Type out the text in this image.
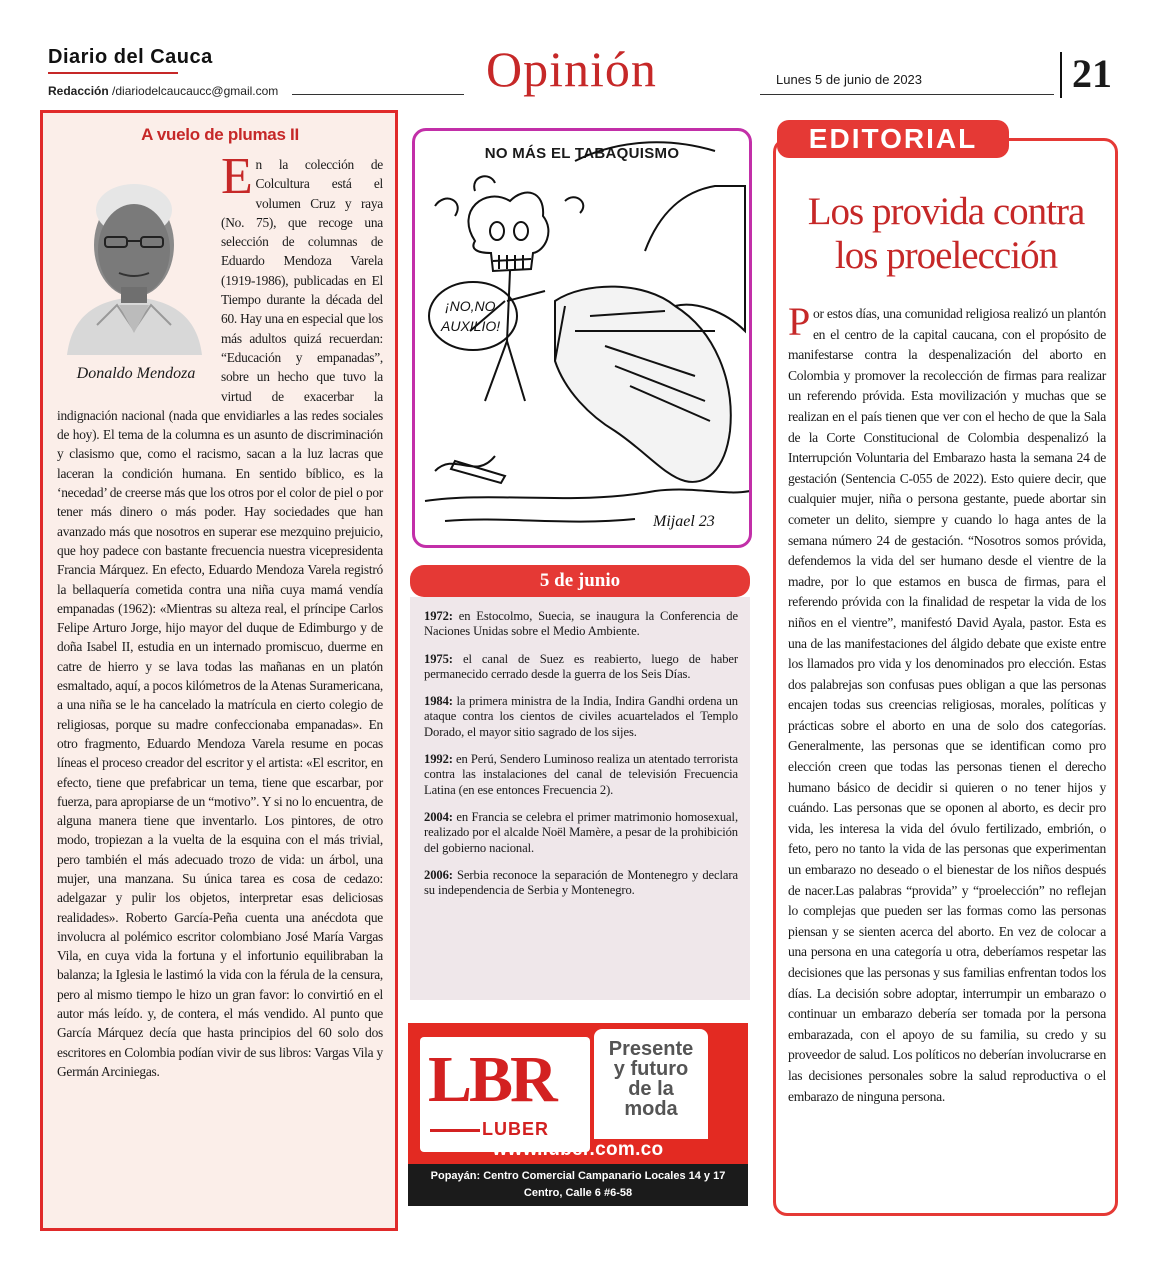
Diario del Cauca
Redacción /diariodelcaucaucc@gmail.com	Opinión	Lunes 5 de junio de 2023	21
A vuelo de plumas II
Donaldo Mendoza
En la colección de Colcultura está el volumen Cruz y raya (No. 75), que recoge una selección de columnas de Eduardo Mendoza Varela (1919-1986), publicadas en El Tiempo durante la década del 60. Hay una en especial que los más adultos quizá recuerdan: “Educación y empanadas”, sobre un hecho que tuvo la virtud de exacerbar la indignación nacional (nada que envidiarles a las redes sociales de hoy). El tema de la columna es un asunto de discriminación y clasismo que, como el racismo, sacan a la luz lacras que laceran la condición humana. En sentido bíblico, es la ‘necedad’ de creerse más que los otros por el color de piel o por tener más dinero o más poder. Hay sociedades que han avanzado más que nosotros en superar ese mezquino prejuicio, que hoy padece con bastante frecuencia nuestra vicepresidenta Francia Márquez. En efecto, Eduardo Mendoza Varela registró la bellaquería cometida contra una niña cuya mamá vendía empanadas (1962): «Mientras su alteza real, el príncipe Carlos Felipe Arturo Jorge, hijo mayor del duque de Edimburgo y de doña Isabel II, estudia en un internado promiscuo, duerme en catre de hierro y se lava todas las mañanas en un platón esmaltado, aquí, a pocos kilómetros de la Atenas Suramericana, a una niña se le ha cancelado la matrícula en cierto colegio de religiosas, porque su madre confeccionaba empanadas». En otro fragmento, Eduardo Mendoza Varela resume en pocas líneas el proceso creador del escritor y el artista: «El escritor, en efecto, tiene que prefabricar un tema, tiene que escarbar, por fuerza, para apropiarse de un “motivo”. Y si no lo encuentra, de alguna manera tiene que inventarlo. Los pintores, de otro modo, tropiezan a la vuelta de la esquina con el más trivial, pero también el más adecuado trozo de vida: un árbol, una mujer, una manzana. Su única tarea es cosa de cedazo: adelgazar y pulir los objetos, interpretar esas deliciosas realidades». Roberto García-Peña cuenta una anécdota que involucra al polémico escritor colombiano José María Vargas Vila, en cuya vida la fortuna y el infortunio equilibraban la balanza; la Iglesia le lastimó la vida con la férula de la censura, pero al mismo tiempo le hizo un gran favor: lo convirtió en el autor más leído. y, de contera, el más vendido. Al punto que García Márquez decía que hasta principios del 60 solo dos escritores en Colombia podían vivir de sus libros: Vargas Vila y Germán Arciniegas.
NO MÁS EL TABAQUISMO
¡NO,NO
AUXILIO!
Mijael 23
5 de junio
1972: en Estocolmo, Suecia, se inaugura la Conferencia de Naciones Unidas sobre el Medio Ambiente.
1975: el canal de Suez es reabierto, luego de haber permanecido cerrado desde la guerra de los Seis Días.
1984: la primera ministra de la India, Indira Gandhi ordena un ataque contra los cientos de civiles acuartelados el Templo Dorado, el mayor sitio sagrado de los sijes.
1992: en Perú, Sendero Luminoso realiza un atentado terrorista contra las instalaciones del canal de televisión Frecuencia Latina (en ese entonces Frecuencia 2).
2004: en Francia se celebra el primer matrimonio homosexual, realizado por el alcalde Noël Mamère, a pesar de la prohibición del gobierno nacional.
2006: Serbia reconoce la separación de Montenegro y declara su independencia de Serbia y Montenegro.
LBR
LUBER
Presente
y futuro
de la
moda
www.luber.com.co
Popayán: Centro Comercial Campanario Locales 14 y 17
Centro, Calle 6 #6-58
EDITORIAL
Los provida contra los proelección
Por estos días, una comunidad religiosa realizó un plantón en el centro de la capital caucana, con el propósito de manifestarse contra la despenalización del aborto en Colombia y promover la recolección de firmas para realizar un referendo próvida. Esta movilización y muchas que se realizan en el país tienen que ver con el hecho de que la Sala de la Corte Constitucional de Colombia despenalizó la Interrupción Voluntaria del Embarazo hasta la semana 24 de gestación (Sentencia C-055 de 2022). Esto quiere decir, que cualquier mujer, niña o persona gestante, puede abortar sin cometer un delito, siempre y cuando lo haga antes de la semana número 24 de gestación. “Nosotros somos próvida, defendemos la vida del ser humano desde el vientre de la madre, por lo que estamos en busca de firmas, para el referendo próvida con la finalidad de respetar la vida de los niños en el vientre”, manifestó David Ayala, pastor. Esta es una de las manifestaciones del álgido debate que existe entre los llamados pro vida y los denominados pro elección. Estas dos palabrejas son confusas pues obligan a que las personas encajen todas sus creencias religiosas, morales, políticas y prácticas sobre el aborto en una de solo dos categorías. Generalmente, las personas que se identifican como pro elección creen que todas las personas tienen el derecho humano básico de decidir si quieren o no tener hijos y cuándo. Las personas que se oponen al aborto, es decir pro vida, les interesa la vida del óvulo fertilizado, embrión, o feto, pero no tanto la vida de las personas que experimentan un embarazo no deseado o el bienestar de los niños después de nacer.Las palabras “provida” y “proelección” no reflejan lo complejas que pueden ser las formas como las personas piensan y se sienten acerca del aborto. En vez de colocar a una persona en una categoría u otra, deberíamos respetar las decisiones que las personas y sus familias enfrentan todos los días. La decisión sobre adoptar, interrumpir un embarazo o continuar un embarazo debería ser tomada por la persona embarazada, con el apoyo de su familia, su credo y su proveedor de salud. Los políticos no deberían involucrarse en las decisiones personales sobre la salud reproductiva o el embarazo de ninguna persona.
